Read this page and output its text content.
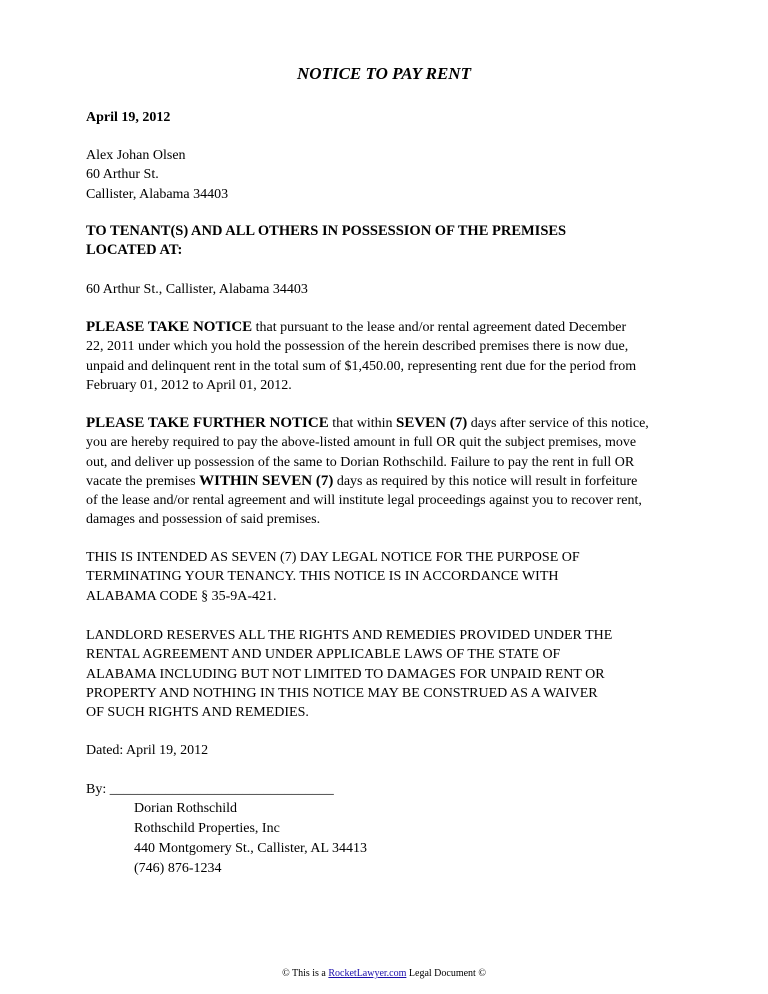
NOTICE TO PAY RENT
April 19, 2012
Alex Johan Olsen
60 Arthur St.
Callister, Alabama 34403
TO TENANT(S) AND ALL OTHERS IN POSSESSION OF THE PREMISES
LOCATED AT:
60 Arthur St., Callister, Alabama 34403
PLEASE TAKE NOTICE that pursuant to the lease and/or rental agreement dated December
22, 2011 under which you hold the possession of the herein described premises there is now due,
unpaid and delinquent rent in the total sum of $1,450.00, representing rent due for the period from
February 01, 2012 to April 01, 2012.
PLEASE TAKE FURTHER NOTICE that within SEVEN (7) days after service of this notice,
you are hereby required to pay the above-listed amount in full OR quit the subject premises, move
out, and deliver up possession of the same to Dorian Rothschild. Failure to pay the rent in full OR
vacate the premises WITHIN SEVEN (7) days as required by this notice will result in forfeiture
of the lease and/or rental agreement and will institute legal proceedings against you to recover rent,
damages and possession of said premises.
THIS IS INTENDED AS SEVEN (7) DAY LEGAL NOTICE FOR THE PURPOSE OF
TERMINATING YOUR TENANCY. THIS NOTICE IS IN ACCORDANCE WITH
ALABAMA CODE § 35-9A-421.
LANDLORD RESERVES ALL THE RIGHTS AND REMEDIES PROVIDED UNDER THE
RENTAL AGREEMENT AND UNDER APPLICABLE LAWS OF THE STATE OF
ALABAMA INCLUDING BUT NOT LIMITED TO DAMAGES FOR UNPAID RENT OR
PROPERTY AND NOTHING IN THIS NOTICE MAY BE CONSTRUED AS A WAIVER
OF SUCH RIGHTS AND REMEDIES.
Dated: April 19, 2012
By: ________________________________
Dorian Rothschild
Rothschild Properties, Inc
440 Montgomery St., Callister, AL 34413
(746) 876-1234
© This is a RocketLawyer.com Legal Document ©
